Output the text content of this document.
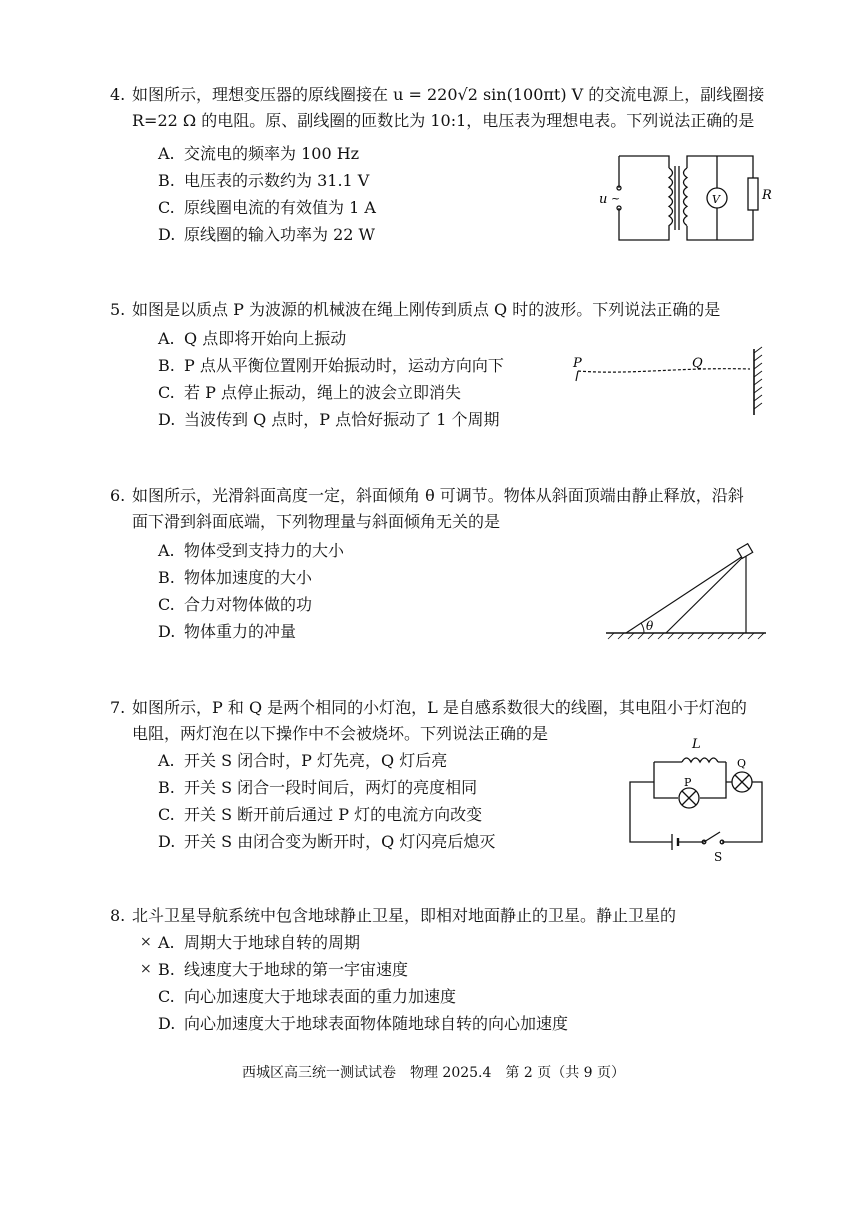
4. 如图所示，理想变压器的原线圈接在 u = 220√2 sin(100πt) V 的交流电源上，副线圈接
R=22 Ω 的电阻。原、副线圈的匝数比为 10:1，电压表为理想电表。下列说法正确的是
A. 交流电的频率为 100 Hz
B. 电压表的示数约为 31.1 V
C. 原线圈电流的有效值为 1 A
D. 原线圈的输入功率为 22 W
u ~	V	R
5. 如图是以质点 P 为波源的机械波在绳上刚传到质点 Q 时的波形。下列说法正确的是
A. Q 点即将开始向上振动
B. P 点从平衡位置刚开始振动时，运动方向向下
C. 若 P 点停止振动，绳上的波会立即消失
D. 当波传到 Q 点时，P 点恰好振动了 1 个周期
P	Q
6. 如图所示，光滑斜面高度一定，斜面倾角 θ 可调节。物体从斜面顶端由静止释放，沿斜
面下滑到斜面底端，下列物理量与斜面倾角无关的是
A. 物体受到支持力的大小
B. 物体加速度的大小
C. 合力对物体做的功
D. 物体重力的冲量	θ
7. 如图所示，P 和 Q 是两个相同的小灯泡，L 是自感系数很大的线圈，其电阻小于灯泡的
电阻，两灯泡在以下操作中不会被烧坏。下列说法正确的是
A. 开关 S 闭合时，P 灯先亮，Q 灯后亮
B. 开关 S 闭合一段时间后，两灯的亮度相同
C. 开关 S 断开前后通过 P 灯的电流方向改变
D. 开关 S 由闭合变为断开时，Q 灯闪亮后熄灭
L
P
Q
S
8. 北斗卫星导航系统中包含地球静止卫星，即相对地面静止的卫星。静止卫星的
× A. 周期大于地球自转的周期
× B. 线速度大于地球的第一宇宙速度
C. 向心加速度大于地球表面的重力加速度
D. 向心加速度大于地球表面物体随地球自转的向心加速度
西城区高三统一测试试卷　物理 2025.4　第 2 页（共 9 页）
